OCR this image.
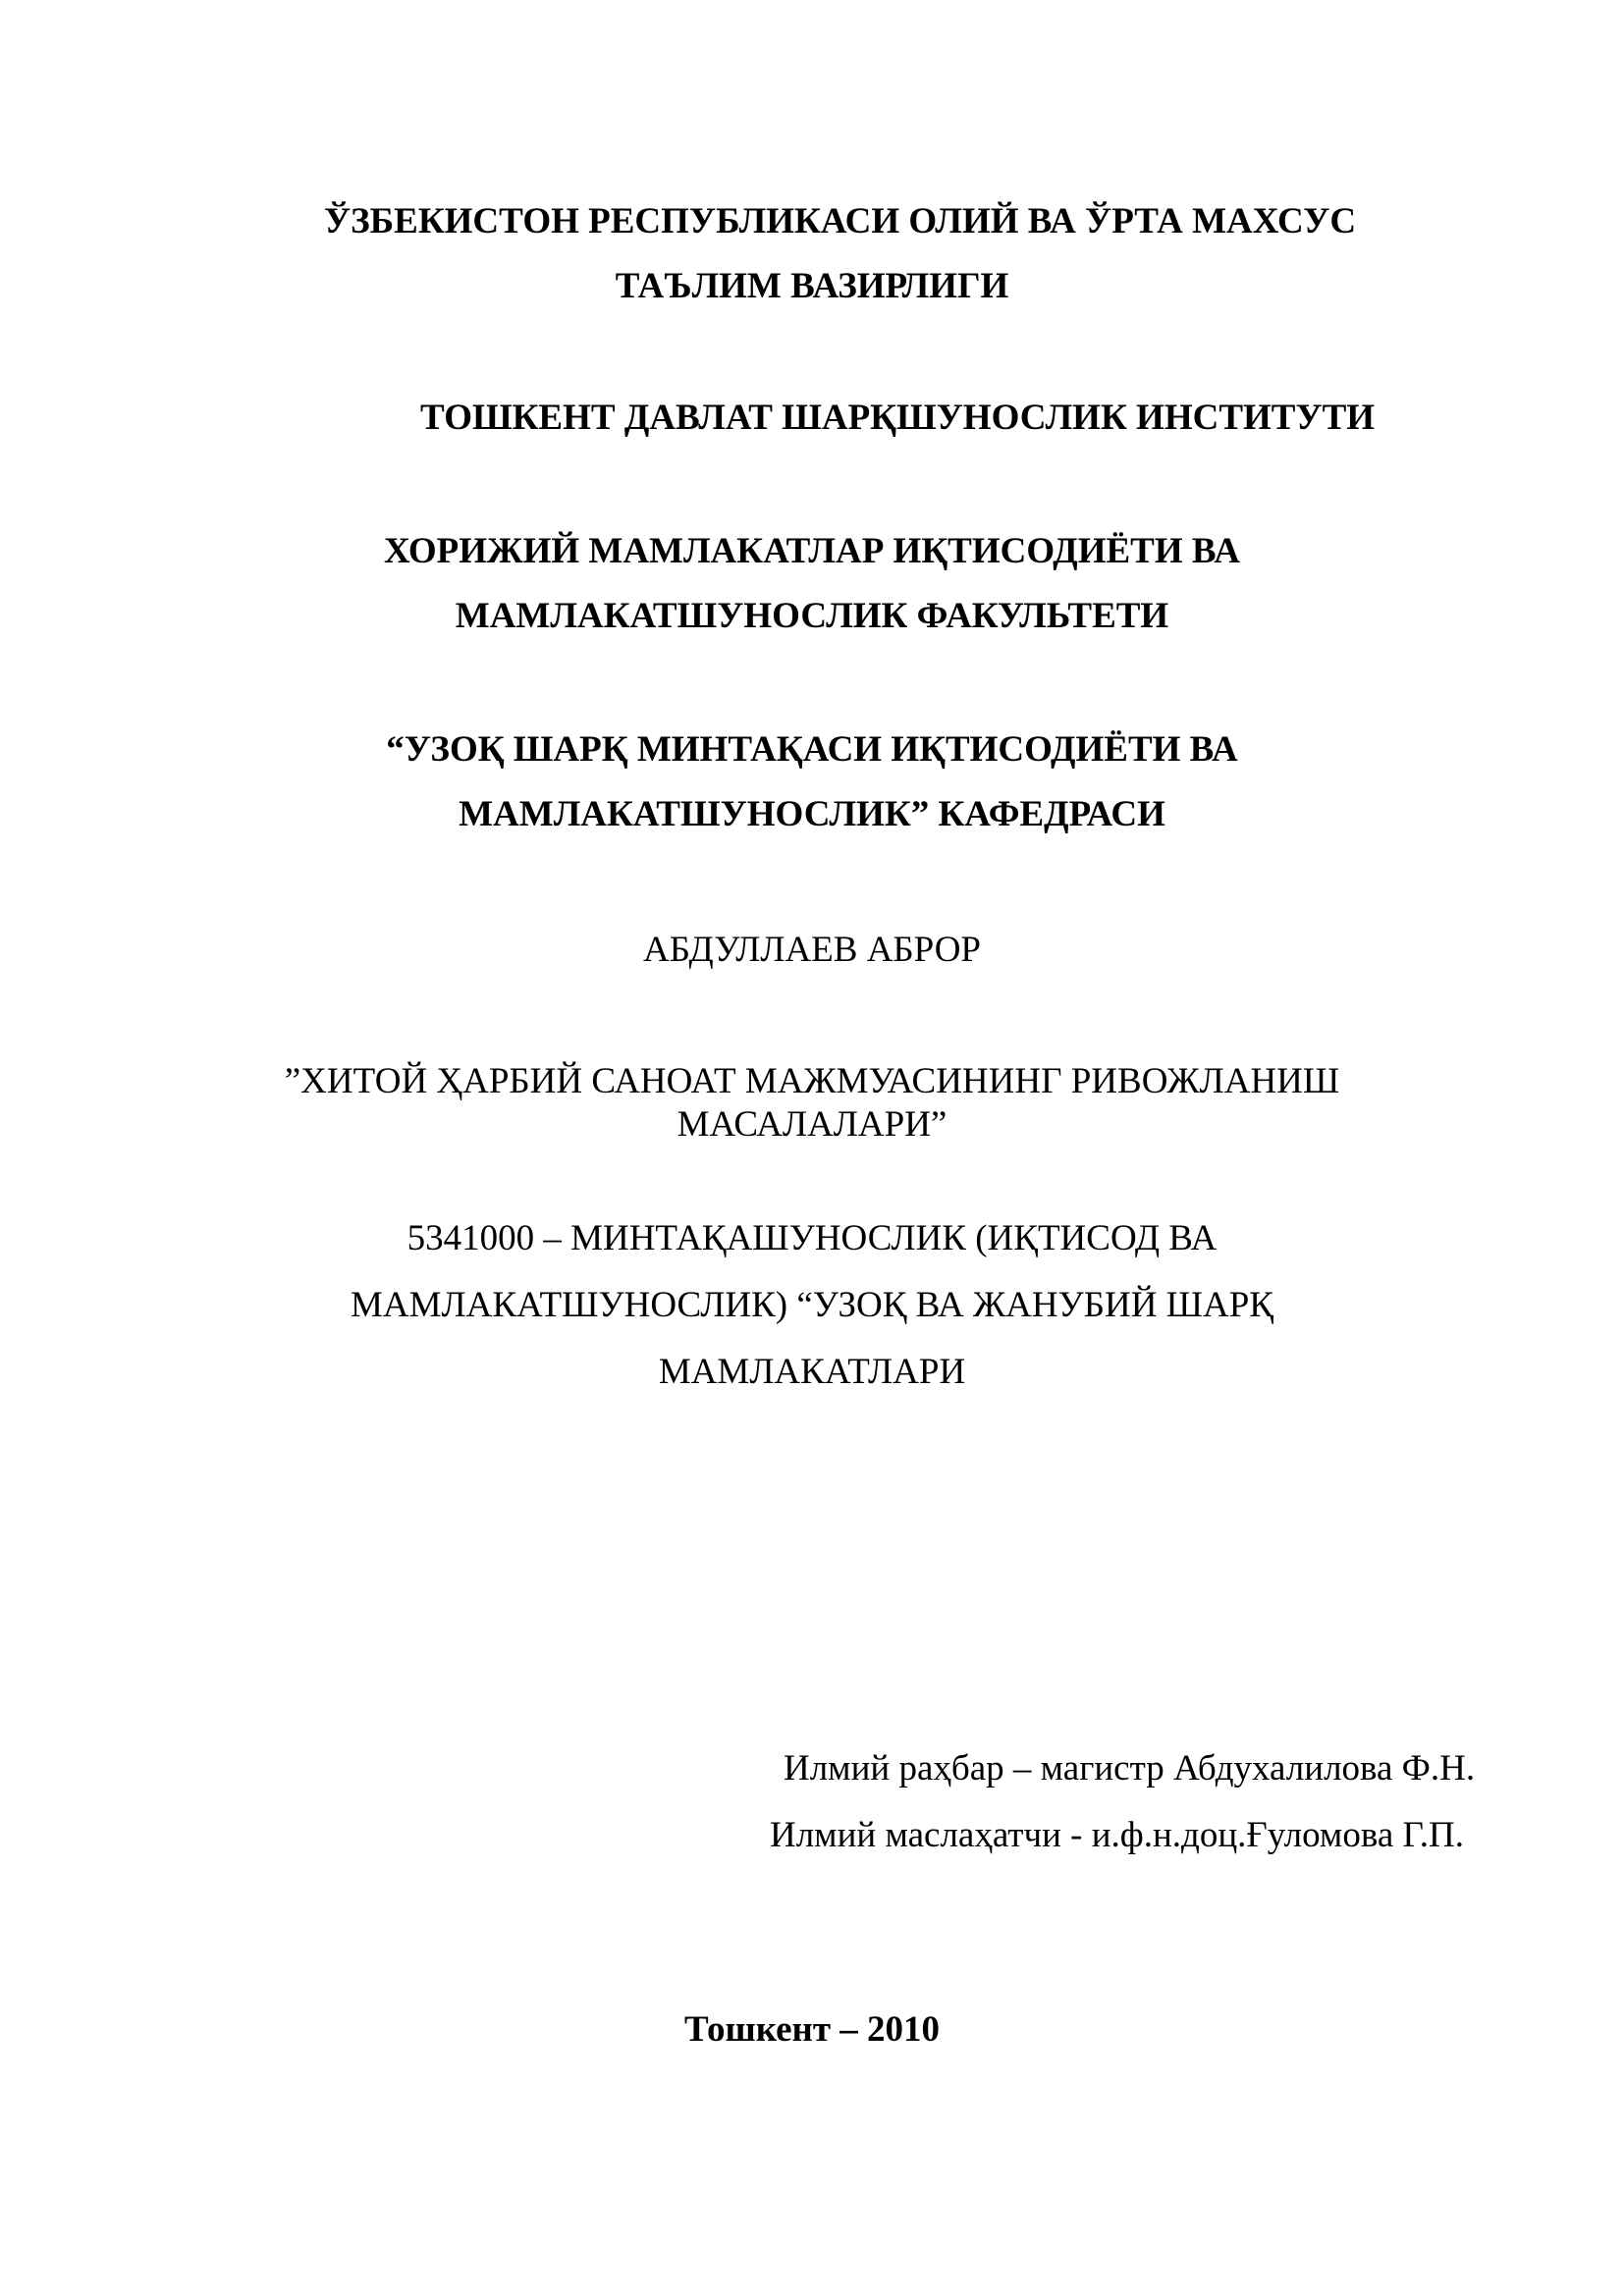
ЎЗБЕКИСТОН РЕСПУБЛИКАСИ ОЛИЙ ВА ЎРТА МАХСУС
ТАЪЛИМ ВАЗИРЛИГИ
ТОШКЕНТ ДАВЛАТ ШАРҚШУНОСЛИК ИНСТИТУТИ
ХОРИЖИЙ МАМЛАКАТЛАР ИҚТИСОДИЁТИ ВА
МАМЛАКАТШУНОСЛИК ФАКУЛЬТЕТИ
“УЗОҚ ШАРҚ МИНТАҚАСИ ИҚТИСОДИЁТИ ВА
МАМЛАКАТШУНОСЛИК” КАФЕДРАСИ
АБДУЛЛАЕВ АБРОР
”ХИТОЙ ҲАРБИЙ САНОАТ МАЖМУАСИНИНГ РИВОЖЛАНИШ
МАСАЛАЛАРИ”
5341000 – МИНТАҚАШУНОСЛИК (ИҚТИСОД ВА
МАМЛАКАТШУНОСЛИК) “УЗОҚ ВА ЖАНУБИЙ ШАРҚ
МАМЛАКАТЛАРИ
Илмий раҳбар – магистр Абдухалилова Ф.Н.
Илмий маслаҳатчи - и.ф.н.доц.Ғуломова Г.П.
Тошкент – 2010
